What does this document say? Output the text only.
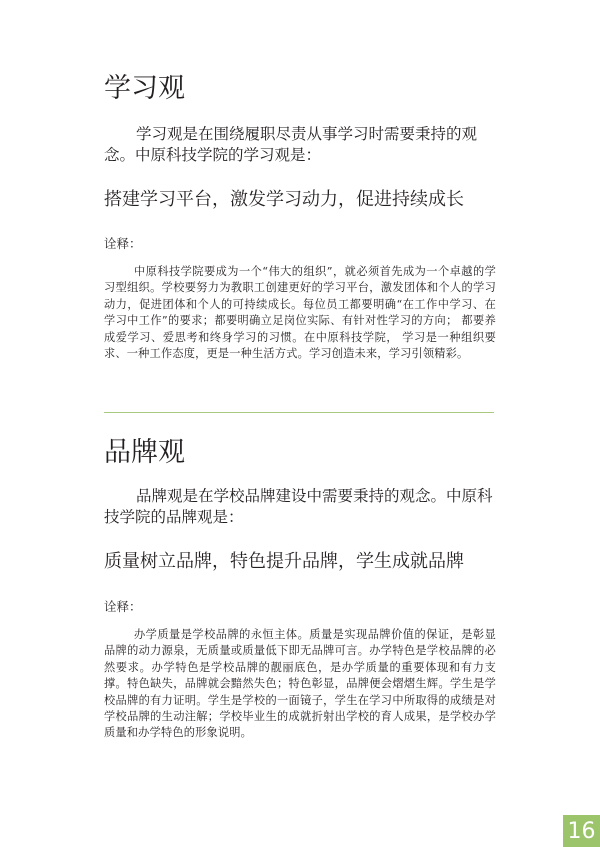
学习观

学习观是在围绕履职尽责从事学习时需要秉持的观念。中原科技学院的学习观是：

搭建学习平台，激发学习动力，促进持续成长
诠释：

中原科技学院要成为一个“伟大的组织”，就必须首先成为一个卓越的学习型组织。学校要努力为教职工创建更好的学习平台，激发团体和个人的学习动力，促进团体和个人的可持续成长。每位员工都要明确“在工作中学习、在学习中工作”的要求；都要明确立足岗位实际、有针对性学习的方向； 都要养成爱学习、爱思考和终身学习的习惯。在中原科技学院， 学习是一种组织要求、一种工作态度，更是一种生活方式。学习创造未来，学习引领精彩。

品牌观

品牌观是在学校品牌建设中需要秉持的观念。中原科技学院的品牌观是：

质量树立品牌，特色提升品牌，学生成就品牌
诠释：

办学质量是学校品牌的永恒主体。质量是实现品牌价值的保证，是彰显品牌的动力源泉，无质量或质量低下即无品牌可言。办学特色是学校品牌的必然要求。办学特色是学校品牌的靓丽底色，是办学质量的重要体现和有力支撑。特色缺失，品牌就会黯然失色；特色彰显，品牌便会熠熠生辉。学生是学校品牌的有力证明。学生是学校的一面镜子，学生在学习中所取得的成绩是对学校品牌的生动注解；学校毕业生的成就折射出学校的育人成果，是学校办学质量和办学特色的形象说明。

16
